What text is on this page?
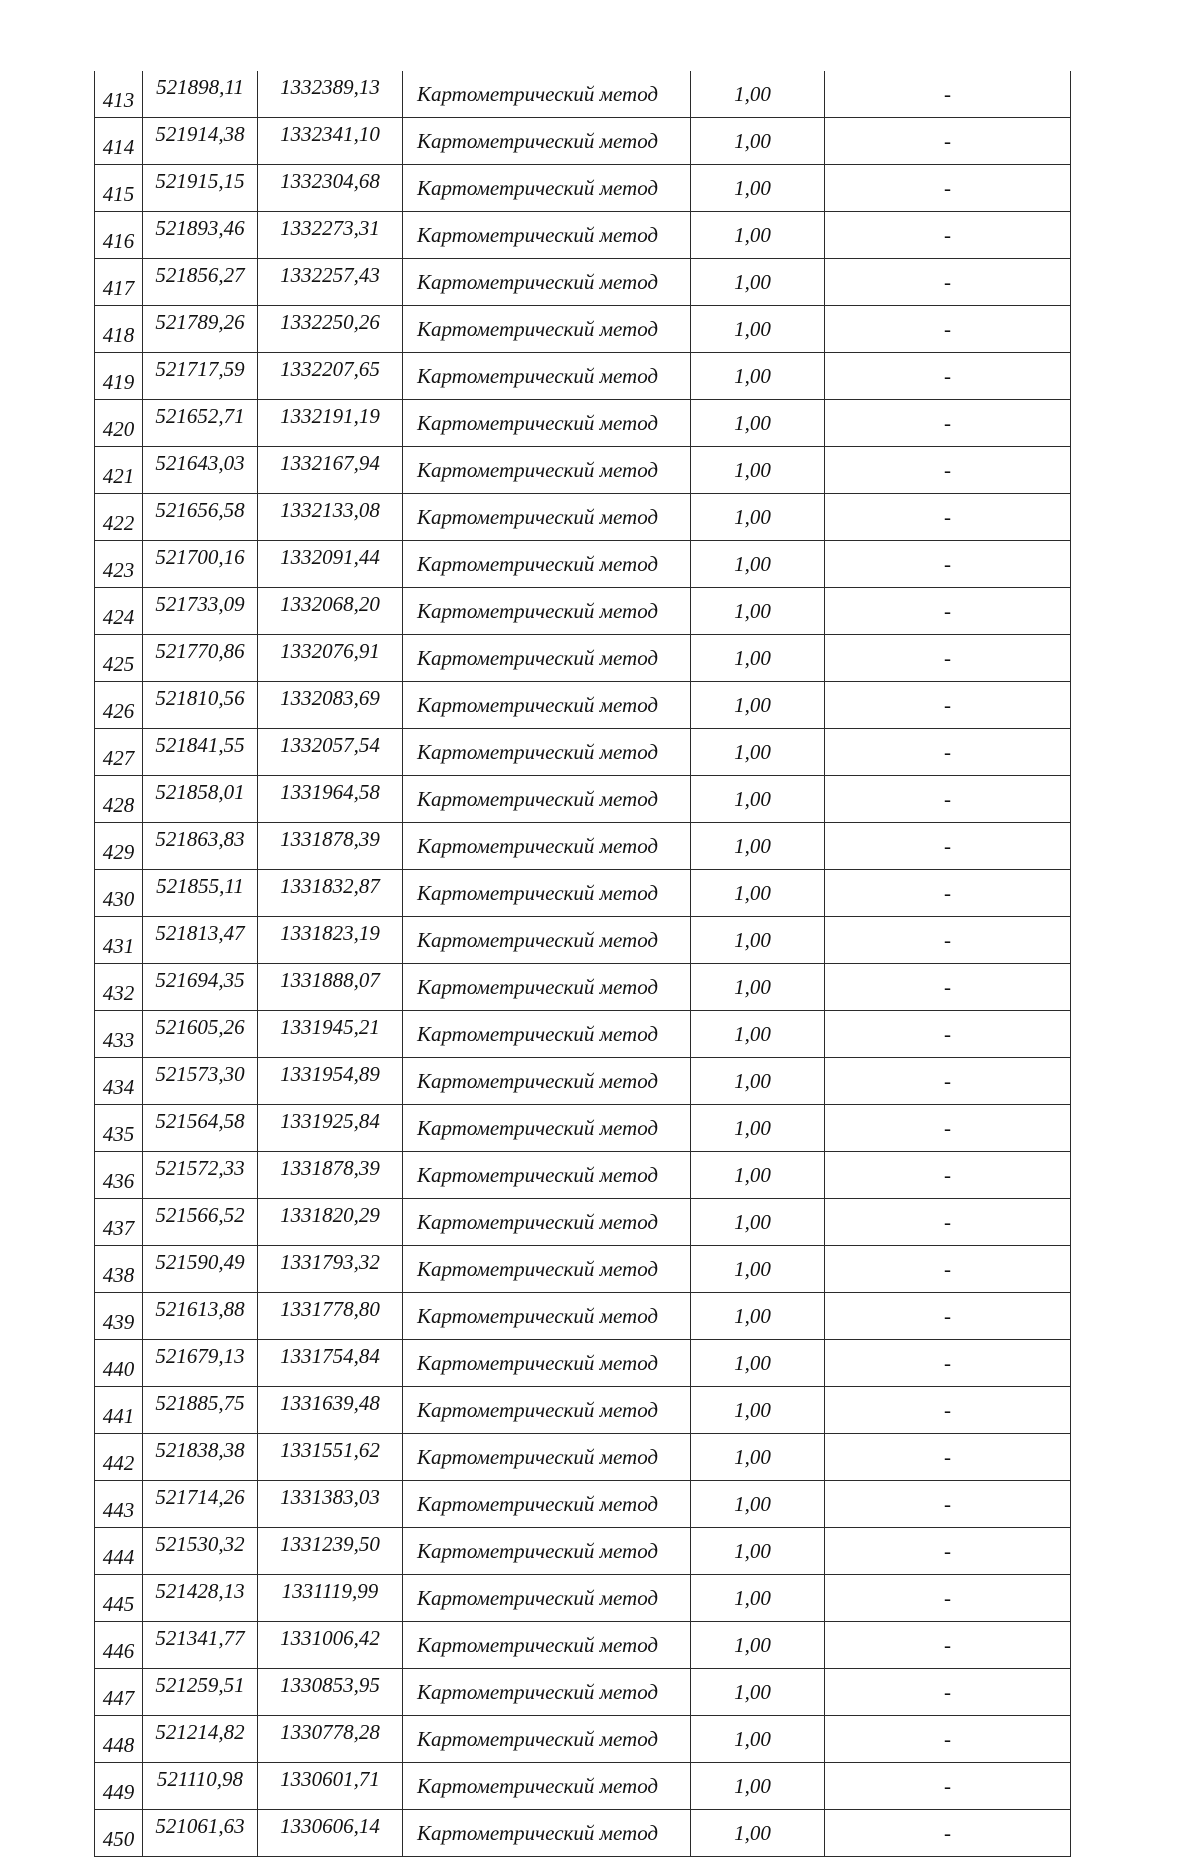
413	521898,11	1332389,13	Картометрический метод	1,00	-
414	521914,38	1332341,10	Картометрический метод	1,00	-
415	521915,15	1332304,68	Картометрический метод	1,00	-
416	521893,46	1332273,31	Картометрический метод	1,00	-
417	521856,27	1332257,43	Картометрический метод	1,00	-
418	521789,26	1332250,26	Картометрический метод	1,00	-
419	521717,59	1332207,65	Картометрический метод	1,00	-
420	521652,71	1332191,19	Картометрический метод	1,00	-
421	521643,03	1332167,94	Картометрический метод	1,00	-
422	521656,58	1332133,08	Картометрический метод	1,00	-
423	521700,16	1332091,44	Картометрический метод	1,00	-
424	521733,09	1332068,20	Картометрический метод	1,00	-
425	521770,86	1332076,91	Картометрический метод	1,00	-
426	521810,56	1332083,69	Картометрический метод	1,00	-
427	521841,55	1332057,54	Картометрический метод	1,00	-
428	521858,01	1331964,58	Картометрический метод	1,00	-
429	521863,83	1331878,39	Картометрический метод	1,00	-
430	521855,11	1331832,87	Картометрический метод	1,00	-
431	521813,47	1331823,19	Картометрический метод	1,00	-
432	521694,35	1331888,07	Картометрический метод	1,00	-
433	521605,26	1331945,21	Картометрический метод	1,00	-
434	521573,30	1331954,89	Картометрический метод	1,00	-
435	521564,58	1331925,84	Картометрический метод	1,00	-
436	521572,33	1331878,39	Картометрический метод	1,00	-
437	521566,52	1331820,29	Картометрический метод	1,00	-
438	521590,49	1331793,32	Картометрический метод	1,00	-
439	521613,88	1331778,80	Картометрический метод	1,00	-
440	521679,13	1331754,84	Картометрический метод	1,00	-
441	521885,75	1331639,48	Картометрический метод	1,00	-
442	521838,38	1331551,62	Картометрический метод	1,00	-
443	521714,26	1331383,03	Картометрический метод	1,00	-
444	521530,32	1331239,50	Картометрический метод	1,00	-
445	521428,13	1331119,99	Картометрический метод	1,00	-
446	521341,77	1331006,42	Картометрический метод	1,00	-
447	521259,51	1330853,95	Картометрический метод	1,00	-
448	521214,82	1330778,28	Картометрический метод	1,00	-
449	521110,98	1330601,71	Картометрический метод	1,00	-
450	521061,63	1330606,14	Картометрический метод	1,00	-
